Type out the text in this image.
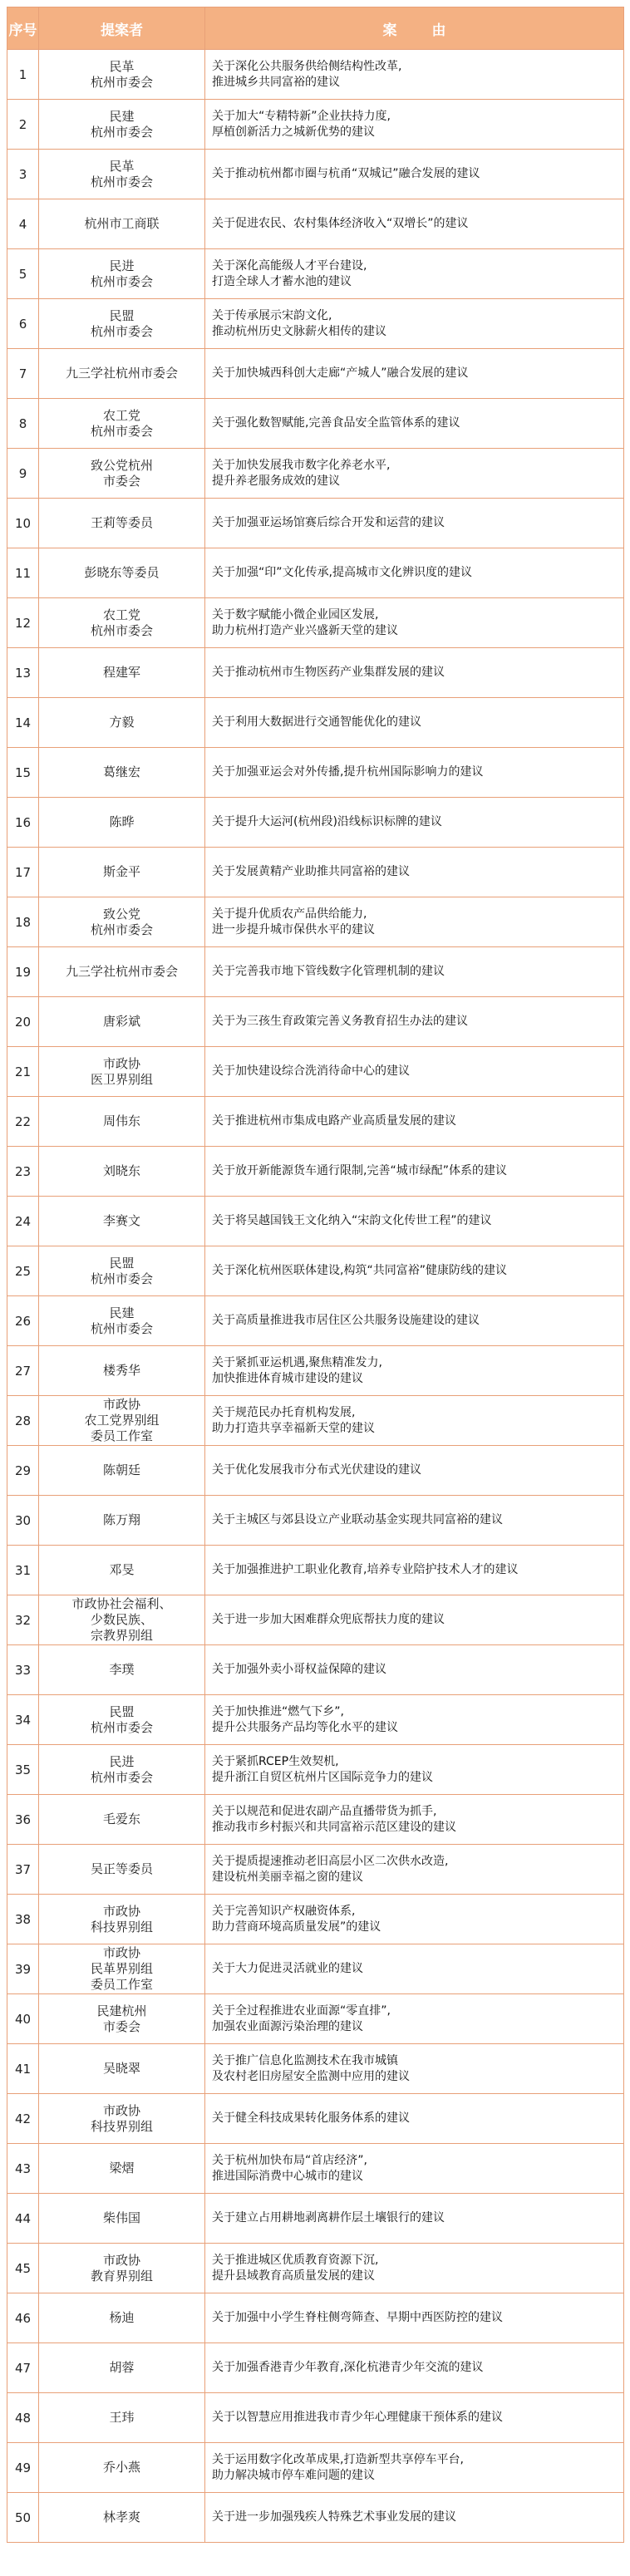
序号	提案者	案由
1	民革
杭州市委会	关于深化公共服务供给侧结构性改革,
推进城乡共同富裕的建议

2	民建
杭州市委会	关于加大“专精特新”企业扶持力度,
厚植创新活力之城新优势的建议

3	民革
杭州市委会	关于推动杭州都市圈与杭甬“双城记”融合发展的建议

4	杭州市工商联	关于促进农民、农村集体经济收入“双增长”的建议

5	民进
杭州市委会	关于深化高能级人才平台建设,
打造全球人才蓄水池的建议

6	民盟
杭州市委会	关于传承展示宋韵文化,
推动杭州历史文脉薪火相传的建议

7	九三学社杭州市委会	关于加快城西科创大走廊“产城人”融合发展的建议

8	农工党
杭州市委会	关于强化数智赋能,完善食品安全监管体系的建议

9	致公党杭州
市委会	关于加快发展我市数字化养老水平,
提升养老服务成效的建议

10	王莉等委员	关于加强亚运场馆赛后综合开发和运营的建议

11	彭晓东等委员	关于加强“印”文化传承,提高城市文化辨识度的建议

12	农工党
杭州市委会	关于数字赋能小微企业园区发展,
助力杭州打造产业兴盛新天堂的建议

13	程建军	关于推动杭州市生物医药产业集群发展的建议

14	方毅	关于利用大数据进行交通智能优化的建议

15	葛继宏	关于加强亚运会对外传播,提升杭州国际影响力的建议

16	陈晔	关于提升大运河(杭州段)沿线标识标牌的建议

17	斯金平	关于发展黄精产业助推共同富裕的建议

18	致公党
杭州市委会	关于提升优质农产品供给能力,
进一步提升城市保供水平的建议

19	九三学社杭州市委会	关于完善我市地下管线数字化管理机制的建议

20	唐彩斌	关于为三孩生育政策完善义务教育招生办法的建议

21	市政协
医卫界别组	关于加快建设综合洗消待命中心的建议

22	周伟东	关于推进杭州市集成电路产业高质量发展的建议

23	刘晓东	关于放开新能源货车通行限制,完善“城市绿配”体系的建议

24	李赛文	关于将吴越国钱王文化纳入“宋韵文化传世工程”的建议

25	民盟
杭州市委会	关于深化杭州医联体建设,构筑“共同富裕”健康防线的建议

26	民建
杭州市委会	关于高质量推进我市居住区公共服务设施建设的建议

27	楼秀华	关于紧抓亚运机遇,聚焦精准发力,
加快推进体育城市建设的建议

28	市政协
农工党界别组
委员工作室	关于规范民办托育机构发展,
助力打造共享幸福新天堂的建议

29	陈朝廷	关于优化发展我市分布式光伏建设的建议

30	陈万翔	关于主城区与郊县设立产业联动基金实现共同富裕的建议

31	邓旻	关于加强推进护工职业化教育,培养专业陪护技术人才的建议

32	市政协社会福利、
少数民族、
宗教界别组	关于进一步加大困难群众兜底帮扶力度的建议

33	李璞	关于加强外卖小哥权益保障的建议

34	民盟
杭州市委会	关于加快推进“燃气下乡”,
提升公共服务产品均等化水平的建议

35	民进
杭州市委会	关于紧抓RCEP生效契机,
提升浙江自贸区杭州片区国际竞争力的建议

36	毛爱东	关于以规范和促进农副产品直播带货为抓手,
推动我市乡村振兴和共同富裕示范区建设的建议

37	吴正等委员	关于提质提速推动老旧高层小区二次供水改造,
建设杭州美丽幸福之窗的建议

38	市政协
科技界别组	关于完善知识产权融资体系,
助力营商环境高质量发展”的建议

39	市政协
民革界别组
委员工作室	关于大力促进灵活就业的建议

40	民建杭州
市委会	关于全过程推进农业面源“零直排”,
加强农业面源污染治理的建议

41	吴晓翠	关于推广信息化监测技术在我市城镇
及农村老旧房屋安全监测中应用的建议

42	市政协
科技界别组	关于健全科技成果转化服务体系的建议

43	梁熠	关于杭州加快布局“首店经济”,
推进国际消费中心城市的建议

44	柴伟国	关于建立占用耕地剥离耕作层土壤银行的建议

45	市政协
教育界别组	关于推进城区优质教育资源下沉,
提升县域教育高质量发展的建议

46	杨迪	关于加强中小学生脊柱侧弯筛查、早期中西医防控的建议

47	胡蓉	关于加强香港青少年教育,深化杭港青少年交流的建议

48	王玮	关于以智慧应用推进我市青少年心理健康干预体系的建议

49	乔小燕	关于运用数字化改革成果,打造新型共享停车平台,
助力解决城市停车难问题的建议

50	林孝爽	关于进一步加强残疾人特殊艺术事业发展的建议
